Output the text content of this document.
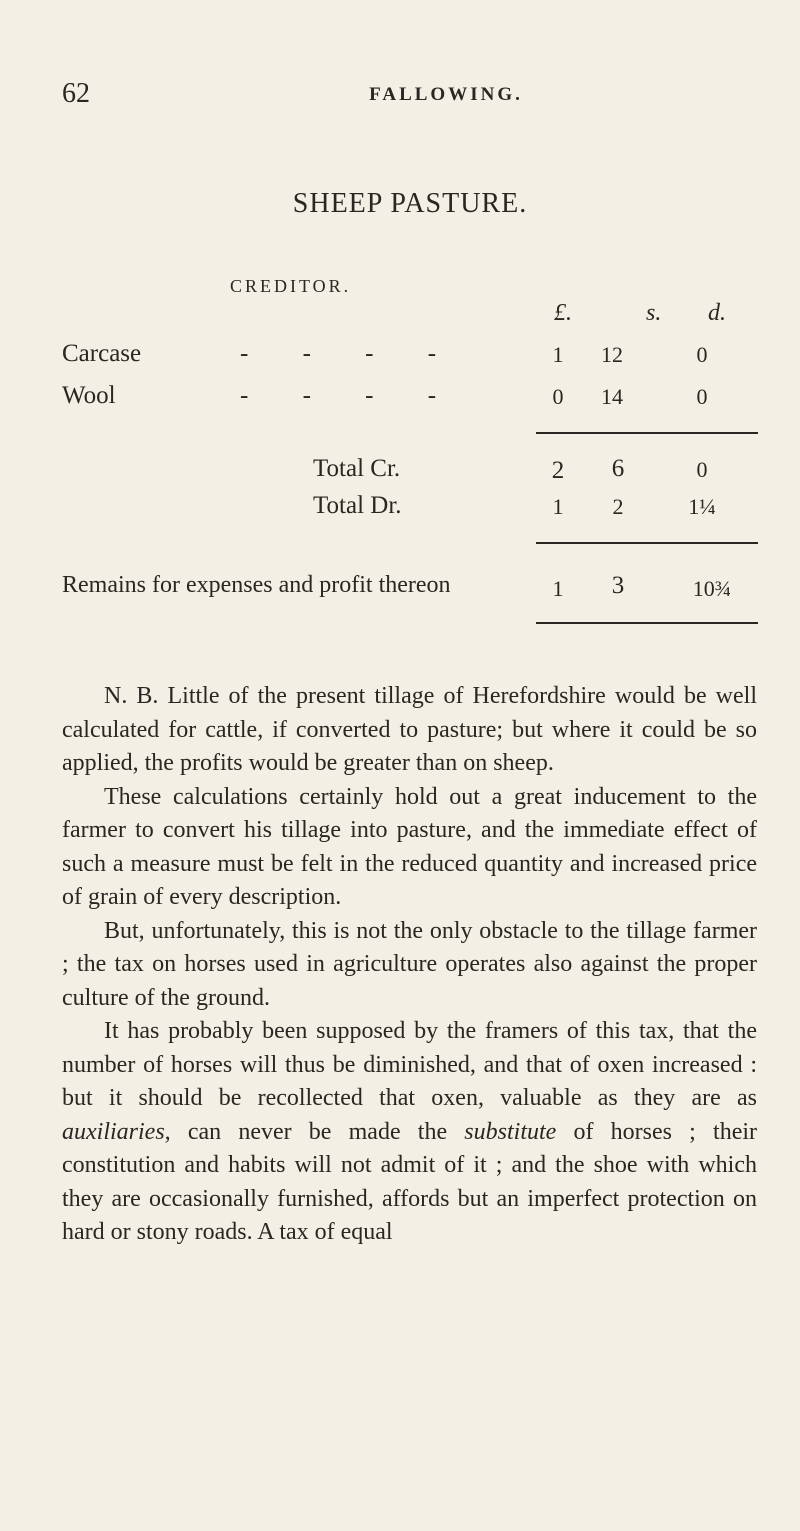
62	FALLOWING.
SHEEP PASTURE.
CREDITOR.
£.	s. d.
Carcase	- - - -	1	12	0
Wool	- - - -	0	14	0
Total Cr.	2	6	0
Total Dr.	1	2	1¼
Remains for expenses and profit thereon	1	3	10¾

N. B. Little of the present tillage of Herefordshire would be well calculated for cattle, if converted to pasture; but where it could be so applied, the profits would be greater than on sheep.

These calculations certainly hold out a great inducement to the farmer to convert his tillage into pasture, and the immediate effect of such a measure must be felt in the reduced quantity and increased price of grain of every description.

But, unfortunately, this is not the only obstacle to the tillage farmer ; the tax on horses used in agriculture operates also against the proper culture of the ground.

It has probably been supposed by the framers of this tax, that the number of horses will thus be diminished, and that of oxen increased : but it should be recollected that oxen, valuable as they are as auxiliaries, can never be made the substitute of horses ; their constitution and habits will not admit of it ; and the shoe with which they are occasionally furnished, affords but an imperfect protection on hard or stony roads. A tax of equal
